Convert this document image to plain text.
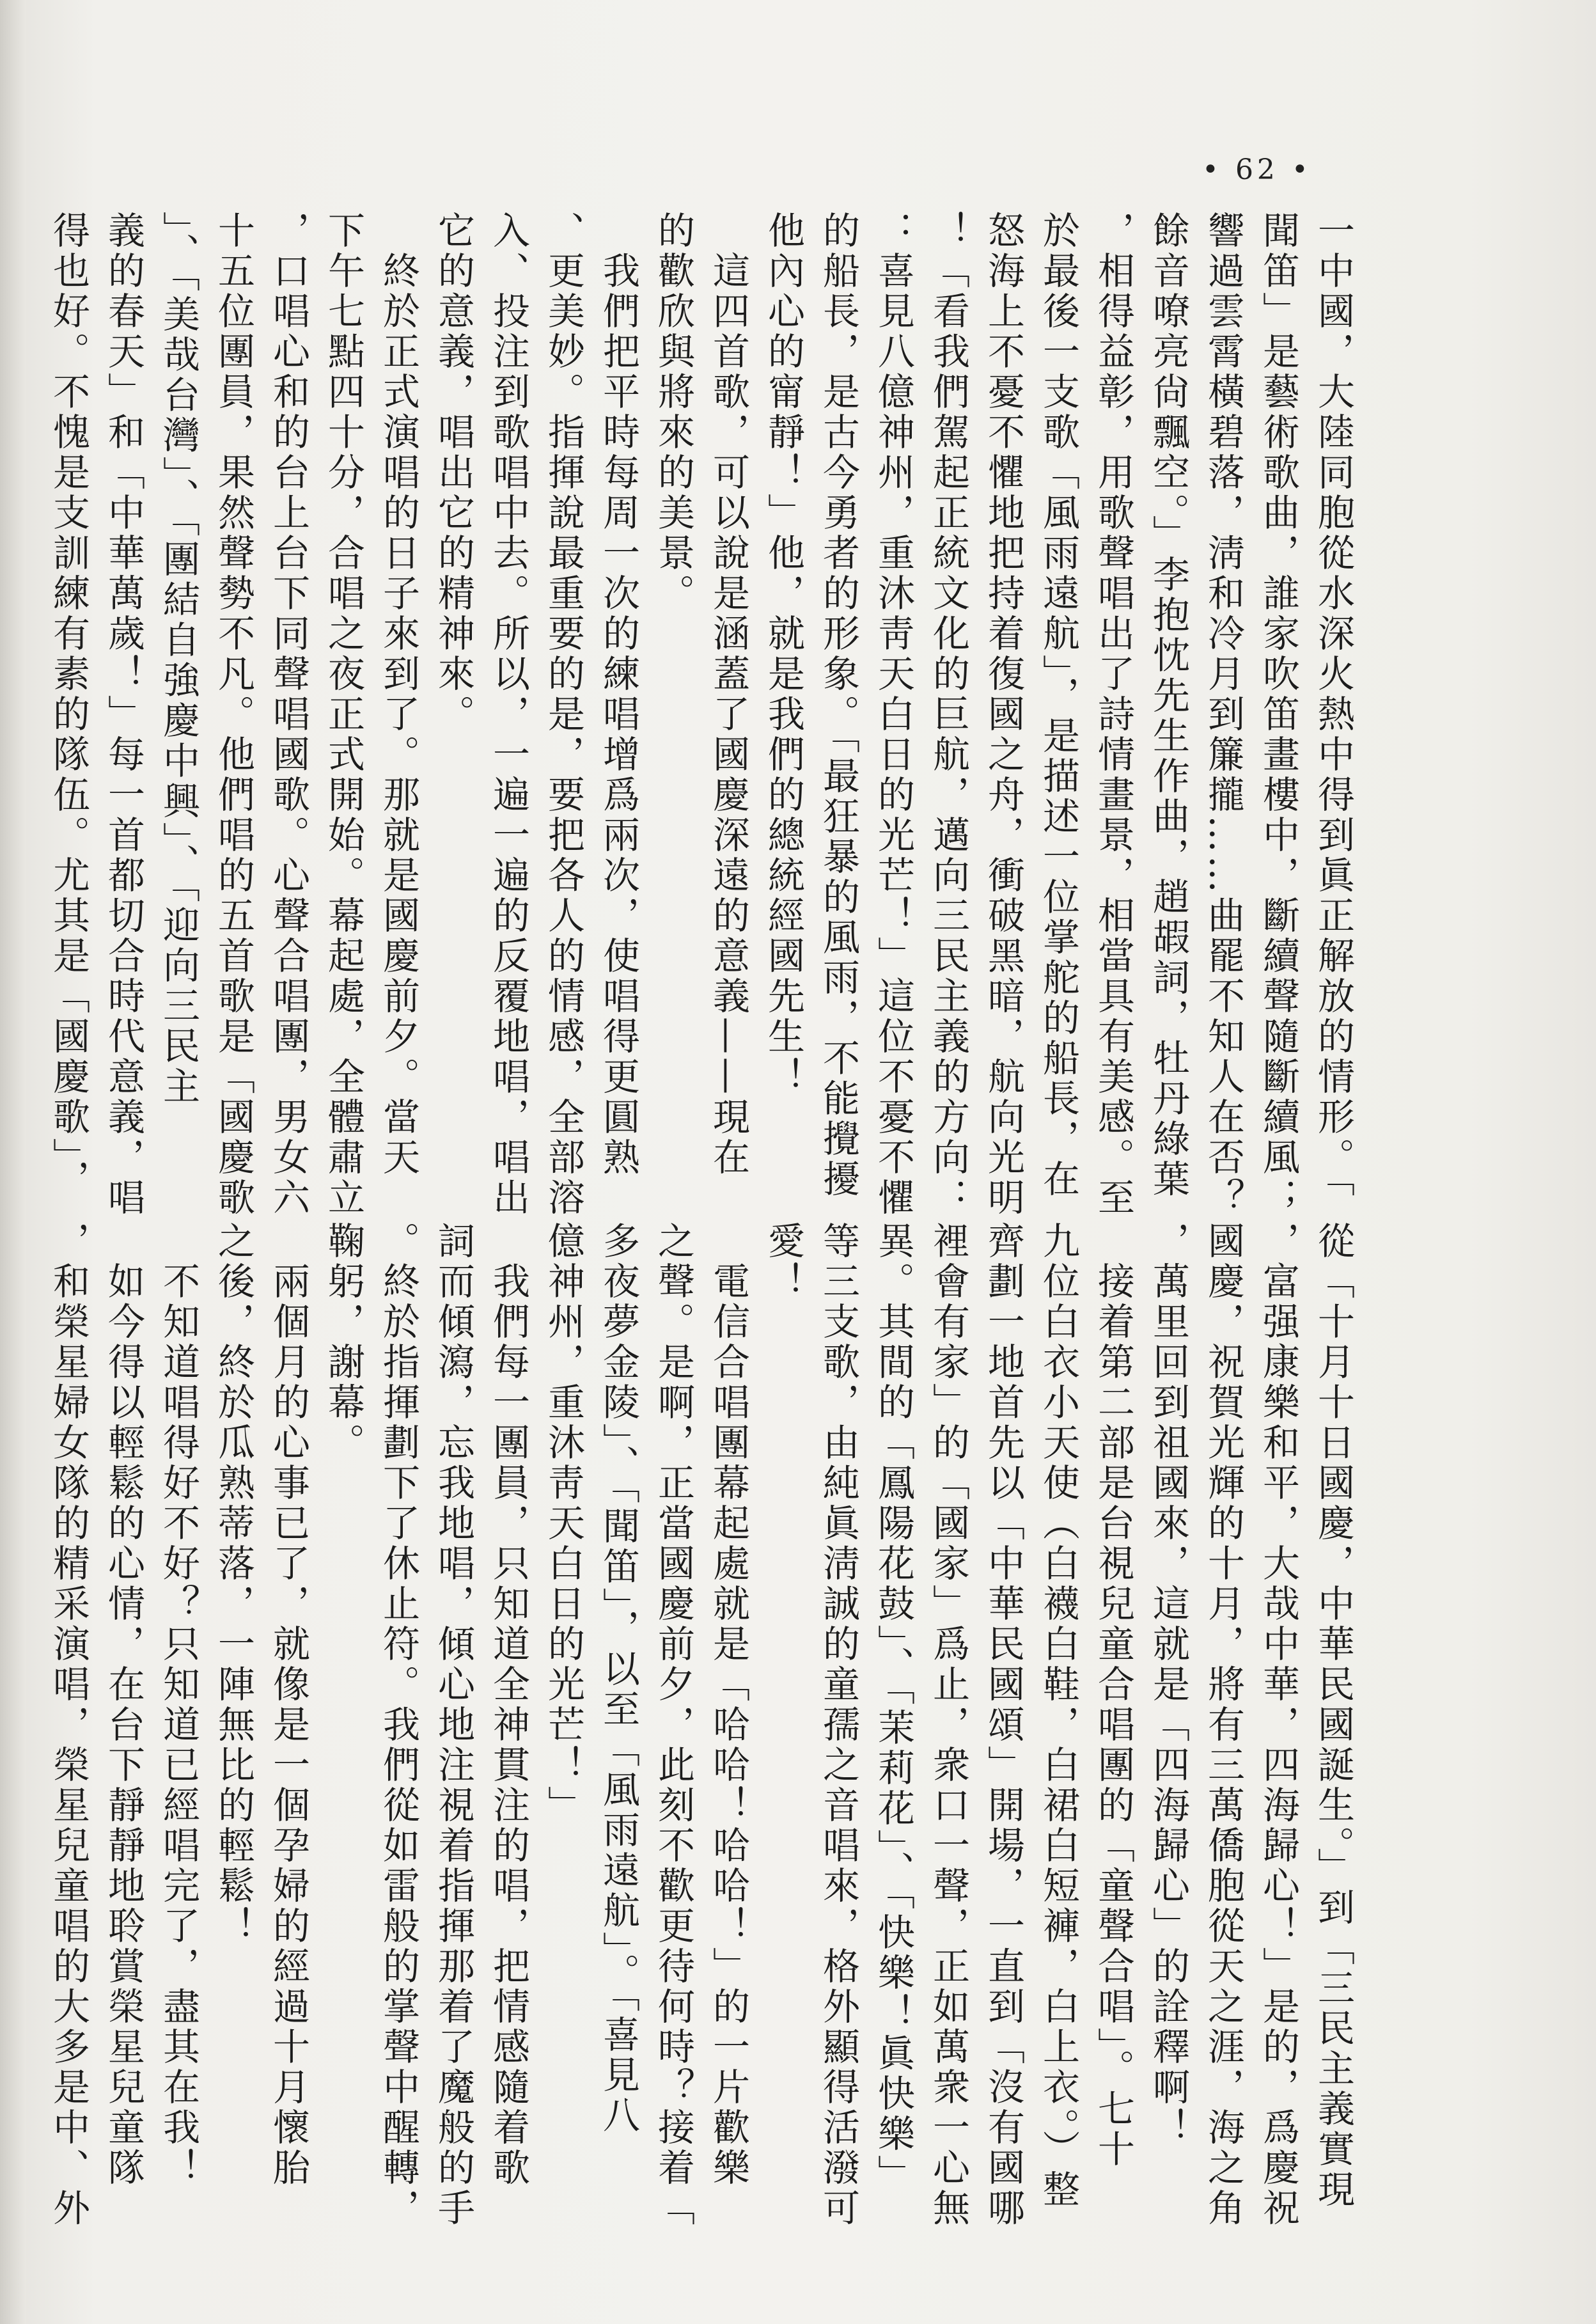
• 62 •
一中國，大陸同胞從水深火熱中得到眞正解放的情形。「
聞笛」是藝術歌曲，誰家吹笛畫樓中，斷續聲隨斷續風；
響過雲霄橫碧落，淸和冷月到簾攏……曲罷不知人在否？
餘音嘹亮尙飄空。」李抱忱先生作曲，趙嘏詞，牡丹綠葉
，相得益彰，用歌聲唱出了詩情畫景，相當具有美感。至
於最後一支歌「風雨遠航」，是描述一位掌舵的船長，在
怒海上不憂不懼地把持着復國之舟，衝破黑暗，航向光明
！「看我們駕起正統文化的巨航，邁向三民主義的方向：
：喜見八億神州，重沐靑天白日的光芒！」這位不憂不懼
的船長，是古今勇者的形象。「最狂暴的風雨，不能攪擾
他內心的甯靜！」他，就是我們的總統經國先生！
　這四首歌，可以說是涵蓋了國慶深遠的意義——現在
的歡欣與將來的美景。
　我們把平時每周一次的練唱增爲兩次，使唱得更圓熟
、更美妙。指揮說最重要的是，要把各人的情感，全部溶
入、投注到歌唱中去。所以，一遍一遍的反覆地唱，唱出
它的意義，唱出它的精神來。
　終於正式演唱的日子來到了。那就是國慶前夕。當天
下午七點四十分，合唱之夜正式開始。幕起處，全體肅立
，口唱心和的台上台下同聲唱國歌。心聲合唱團，男女六
十五位團員，果然聲勢不凡。他們唱的五首歌是「國慶歌
」、「美哉台灣」、「團結自強慶中興」、「迎向三民主
義的春天」和「中華萬歲！」每一首都切合時代意義，唱
得也好。不愧是支訓練有素的隊伍。尤其是「國慶歌」，
從「十月十日國慶，中華民國誕生。」到「三民主義實現
，富强康樂和平，大哉中華，四海歸心！」是的，爲慶祝
國慶，祝賀光輝的十月，將有三萬僑胞從天之涯，海之角
，萬里回到祖國來，這就是「四海歸心」的詮釋啊！
　接着第二部是台視兒童合唱團的「童聲合唱」。七十
九位白衣小天使（白襪白鞋，白裙白短褲，白上衣。）整
齊劃一地首先以「中華民國頌」開場，一直到「沒有國哪
裡會有家」的「國家」爲止，衆口一聲，正如萬衆一心無
異。其間的「鳳陽花鼓」、「茉莉花」、「快樂！眞快樂」
等三支歌，由純眞淸誠的童孺之音唱來，格外顯得活潑可
愛！
　電信合唱團幕起處就是「哈哈！哈哈！」的一片歡樂
之聲。是啊，正當國慶前夕，此刻不歡更待何時？接着「
多夜夢金陵」、「聞笛」，以至「風雨遠航」。「喜見八
億神州，重沐靑天白日的光芒！」
　我們每一團員，只知道全神貫注的唱，把情感隨着歌
詞而傾瀉，忘我地唱，傾心地注視着指揮那着了魔般的手
。終於指揮劃下了休止符。我們從如雷般的掌聲中醒轉，
鞠躬，謝幕。
　兩個月的心事已了，就像是一個孕婦的經過十月懷胎
之後，終於瓜熟蒂落，一陣無比的輕鬆！
　不知道唱得好不好？只知道已經唱完了，盡其在我！
　如今得以輕鬆的心情，在台下靜靜地聆賞榮星兒童隊
，和榮星婦女隊的精采演唱，榮星兒童唱的大多是中、外
